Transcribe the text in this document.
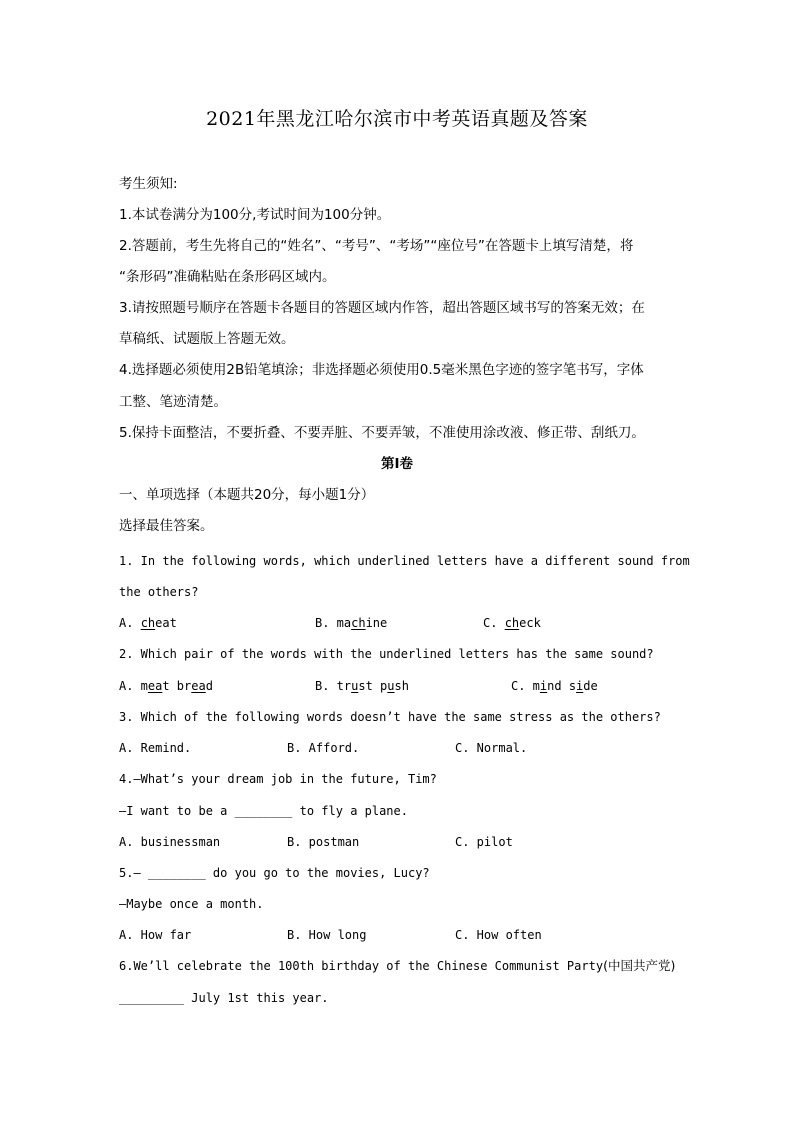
2021年黑龙江哈尔滨市中考英语真题及答案
考生须知:
1.本试卷满分为100分,考试时间为100分钟。
2.答题前，考生先将自己的“姓名”、“考号”、“考场”“座位号”在答题卡上填写清楚，将
“条形码”准确粘贴在条形码区域内。
3.请按照题号顺序在答题卡各题目的答题区域内作答，超出答题区域书写的答案无效；在
草稿纸、试题版上答题无效。
4.选择题必须使用2B铅笔填涂；非选择题必须使用0.5毫米黑色字迹的签字笔书写，字体
工整、笔迹清楚。
5.保持卡面整洁，不要折叠、不要弄脏、不要弄皱，不准使用涂改液、修正带、刮纸刀。
第I卷
一、单项选择（本题共20分，每小题1分）
选择最佳答案。
1. In the following words, which underlined letters have a different sound from
the others?
A. cheat	B. machine	C. check
2. Which pair of the words with the underlined letters has the same sound?
A. meat bread	B. trust push	C. mind side
3. Which of the following words doesn’t have the same stress as the others?
A. Remind.	B. Afford.	C. Normal.
4.—What’s your dream job in the future, Tim?
—I want to be a ________ to fly a plane.
A. businessman	B. postman	C. pilot
5.— ________ do you go to the movies, Lucy?
—Maybe once a month.
A. How far	B. How long	C. How often
6.We’ll celebrate the 100th birthday of the Chinese Communist Party(中国共产党)
_________ July 1st this year.
